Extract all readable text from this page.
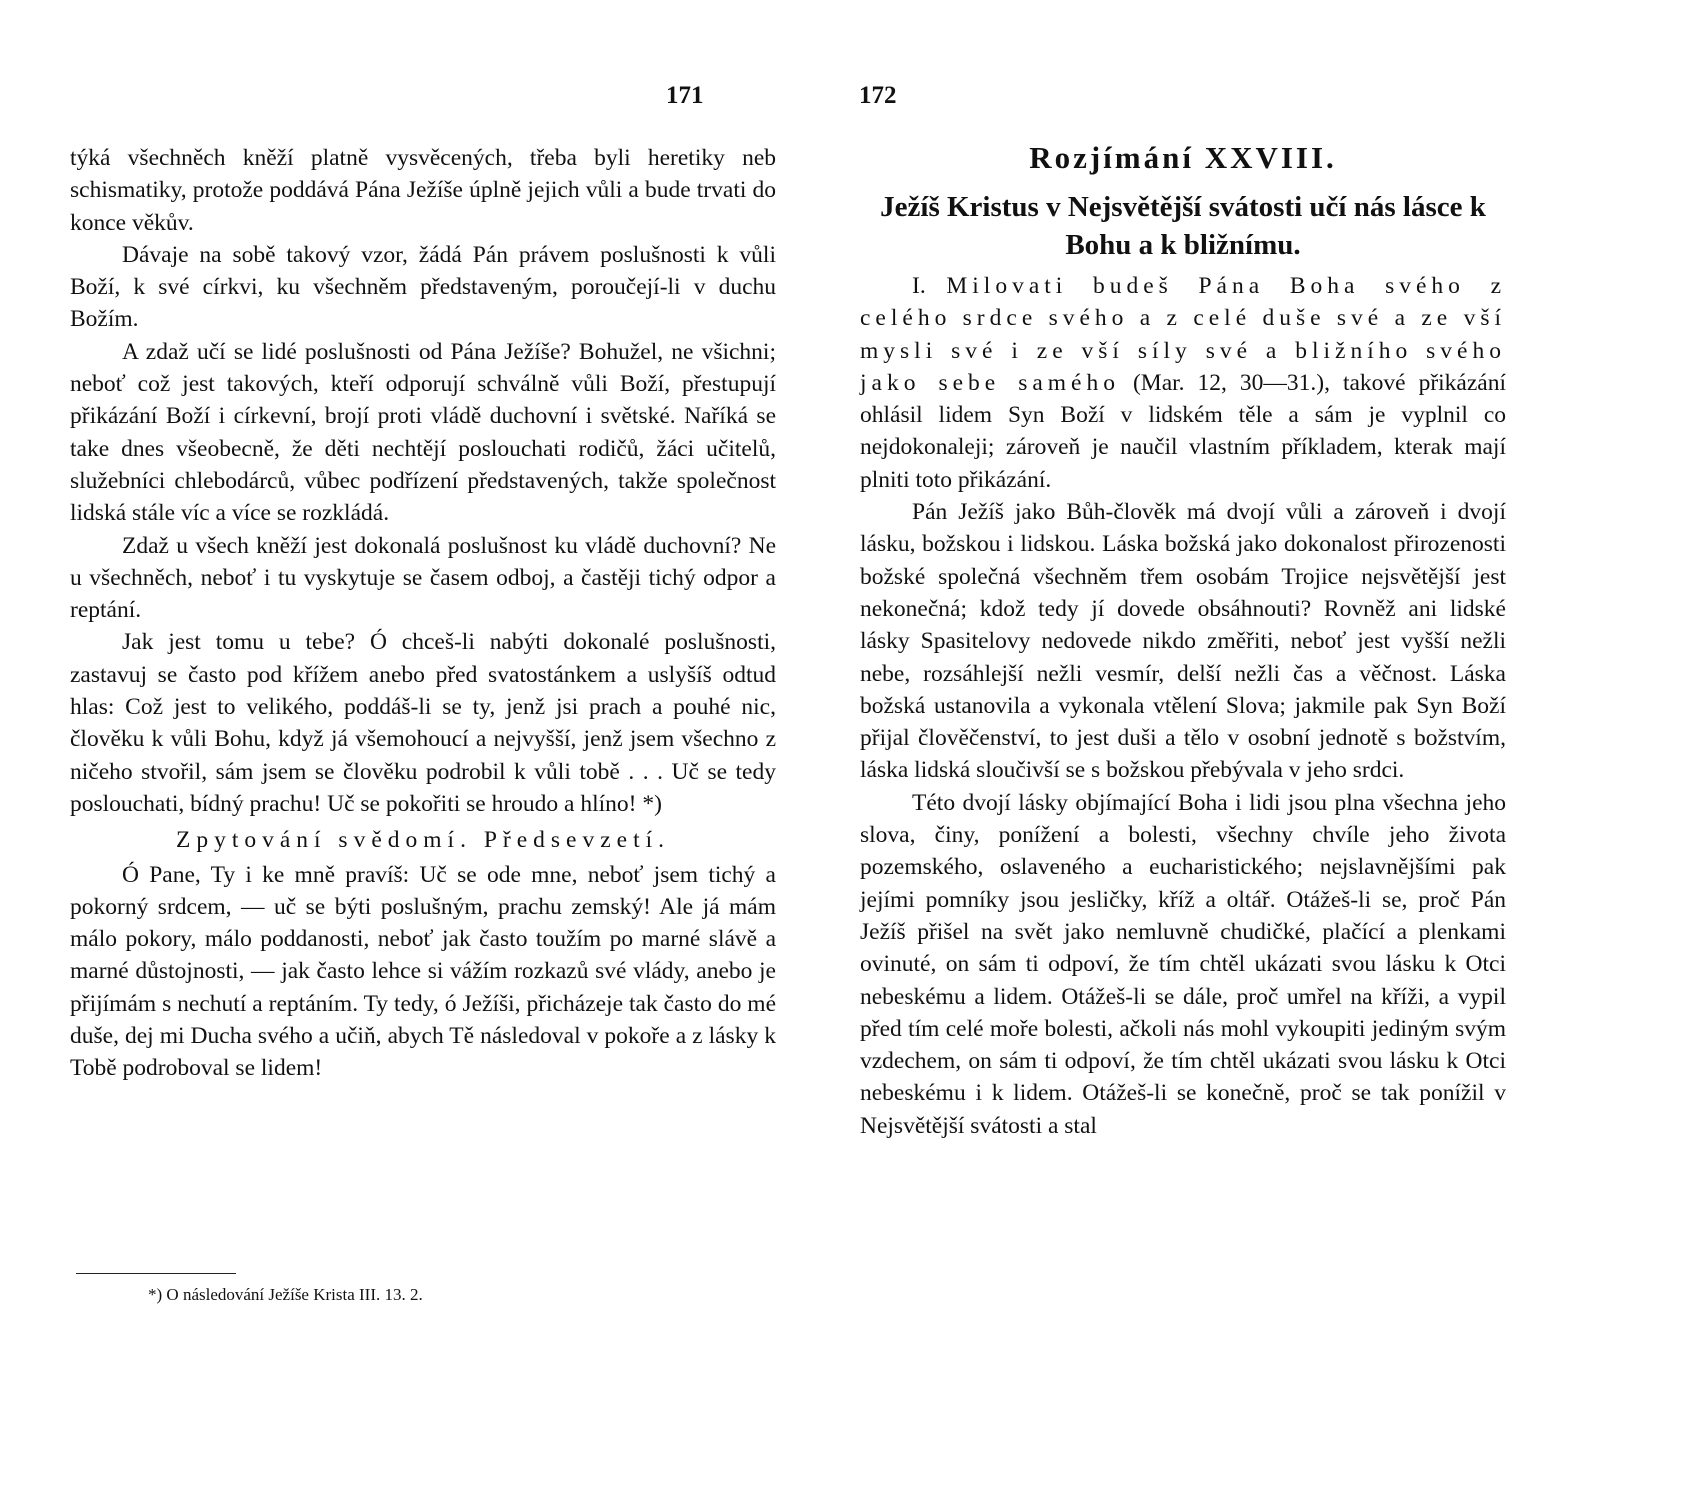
171

týká všechněch kněží platně vysvěcených, třeba byli heretiky neb schismatiky, protože poddává Pána Ježíše úplně jejich vůli a bude trvati do konce věkův.

Dávaje na sobě takový vzor, žádá Pán právem poslušnosti k vůli Boží, k své církvi, ku všechněm představeným, poroučejí-li v duchu Božím.

A zdaž učí se lidé poslušnosti od Pána Ježíše? Bohužel, ne všichni; neboť což jest takových, kteří odporují schválně vůli Boží, přestupují přikázání Boží i církevní, brojí proti vládě duchovní i světské. Naříká se take dnes všeobecně, že děti nechtějí poslouchati rodičů, žáci učitelů, služebníci chlebodárců, vůbec podřízení představených, takže společnost lidská stále víc a více se rozkládá.

Zdaž u všech kněží jest dokonalá poslušnost ku vládě duchovní? Ne u všechněch, neboť i tu vyskytuje se časem odboj, a častěji tichý odpor a reptání.

Jak jest tomu u tebe? Ó chceš-li nabýti dokonalé poslušnosti, zastavuj se často pod křížem anebo před svatostánkem a uslyšíš odtud hlas: Což jest to velikého, poddáš-li se ty, jenž jsi prach a pouhé nic, člověku k vůli Bohu, když já všemohoucí a nejvyšší, jenž jsem všechno z ničeho stvořil, sám jsem se člověku podrobil k vůli tobě . . . Uč se tedy poslouchati, bídný prachu! Uč se pokořiti se hroudo a hlíno! *)

Zpytování svědomí. Předsevzetí.

Ó Pane, Ty i ke mně pravíš: Uč se ode mne, neboť jsem tichý a pokorný srdcem, — uč se býti poslušným, prachu zemský! Ale já mám málo pokory, málo poddanosti, neboť jak často toužím po marné slávě a marné důstojnosti, — jak často lehce si vážím rozkazů své vlády, anebo je přijímám s nechutí a reptáním. Ty tedy, ó Ježíši, přicházeje tak často do mé duše, dej mi Ducha svého a učiň, abych Tě následoval v pokoře a z lásky k Tobě podroboval se lidem!

*) O následování Ježíše Krista III. 13. 2.
172
Rozjímání XXVIII.
Ježíš Kristus v Nejsvětější svátosti učí nás lásce k Bohu a k bližnímu.

I. Milovati budeš Pána Boha svého z celého srdce svého a z celé duše své a ze vší mysli své i ze vší síly své a bližního svého jako sebe samého (Mar. 12, 30—31.), takové přikázání ohlásil lidem Syn Boží v lidském těle a sám je vyplnil co nejdokonaleji; zároveň je naučil vlastním příkladem, kterak mají plniti toto přikázání.

Pán Ježíš jako Bůh-člověk má dvojí vůli a zároveň i dvojí lásku, božskou i lidskou. Láska božská jako dokonalost přirozenosti božské společná všechněm třem osobám Trojice nejsvětější jest nekonečná; kdož tedy jí dovede obsáhnouti? Rovněž ani lidské lásky Spasitelovy nedovede nikdo změřiti, neboť jest vyšší nežli nebe, rozsáhlejší nežli vesmír, delší nežli čas a věčnost. Láska božská ustanovila a vykonala vtělení Slova; jakmile pak Syn Boží přijal člověčenství, to jest duši a tělo v osobní jednotě s božstvím, láska lidská sloučivší se s božskou přebývala v jeho srdci.

Této dvojí lásky objímající Boha i lidi jsou plna všechna jeho slova, činy, ponížení a bolesti, všechny chvíle jeho života pozemského, oslaveného a eucharistického; nejslavnějšími pak jejími pomníky jsou jesličky, kříž a oltář. Otážeš-li se, proč Pán Ježíš přišel na svět jako nemluvně chudičké, plačící a plenkami ovinuté, on sám ti odpoví, že tím chtěl ukázati svou lásku k Otci nebeskému a lidem. Otážeš-li se dále, proč umřel na kříži, a vypil před tím celé moře bolesti, ačkoli nás mohl vykoupiti jediným svým vzdechem, on sám ti odpoví, že tím chtěl ukázati svou lásku k Otci nebeskému i k lidem. Otážeš-li se konečně, proč se tak ponížil v Nejsvětější svátosti a stal
